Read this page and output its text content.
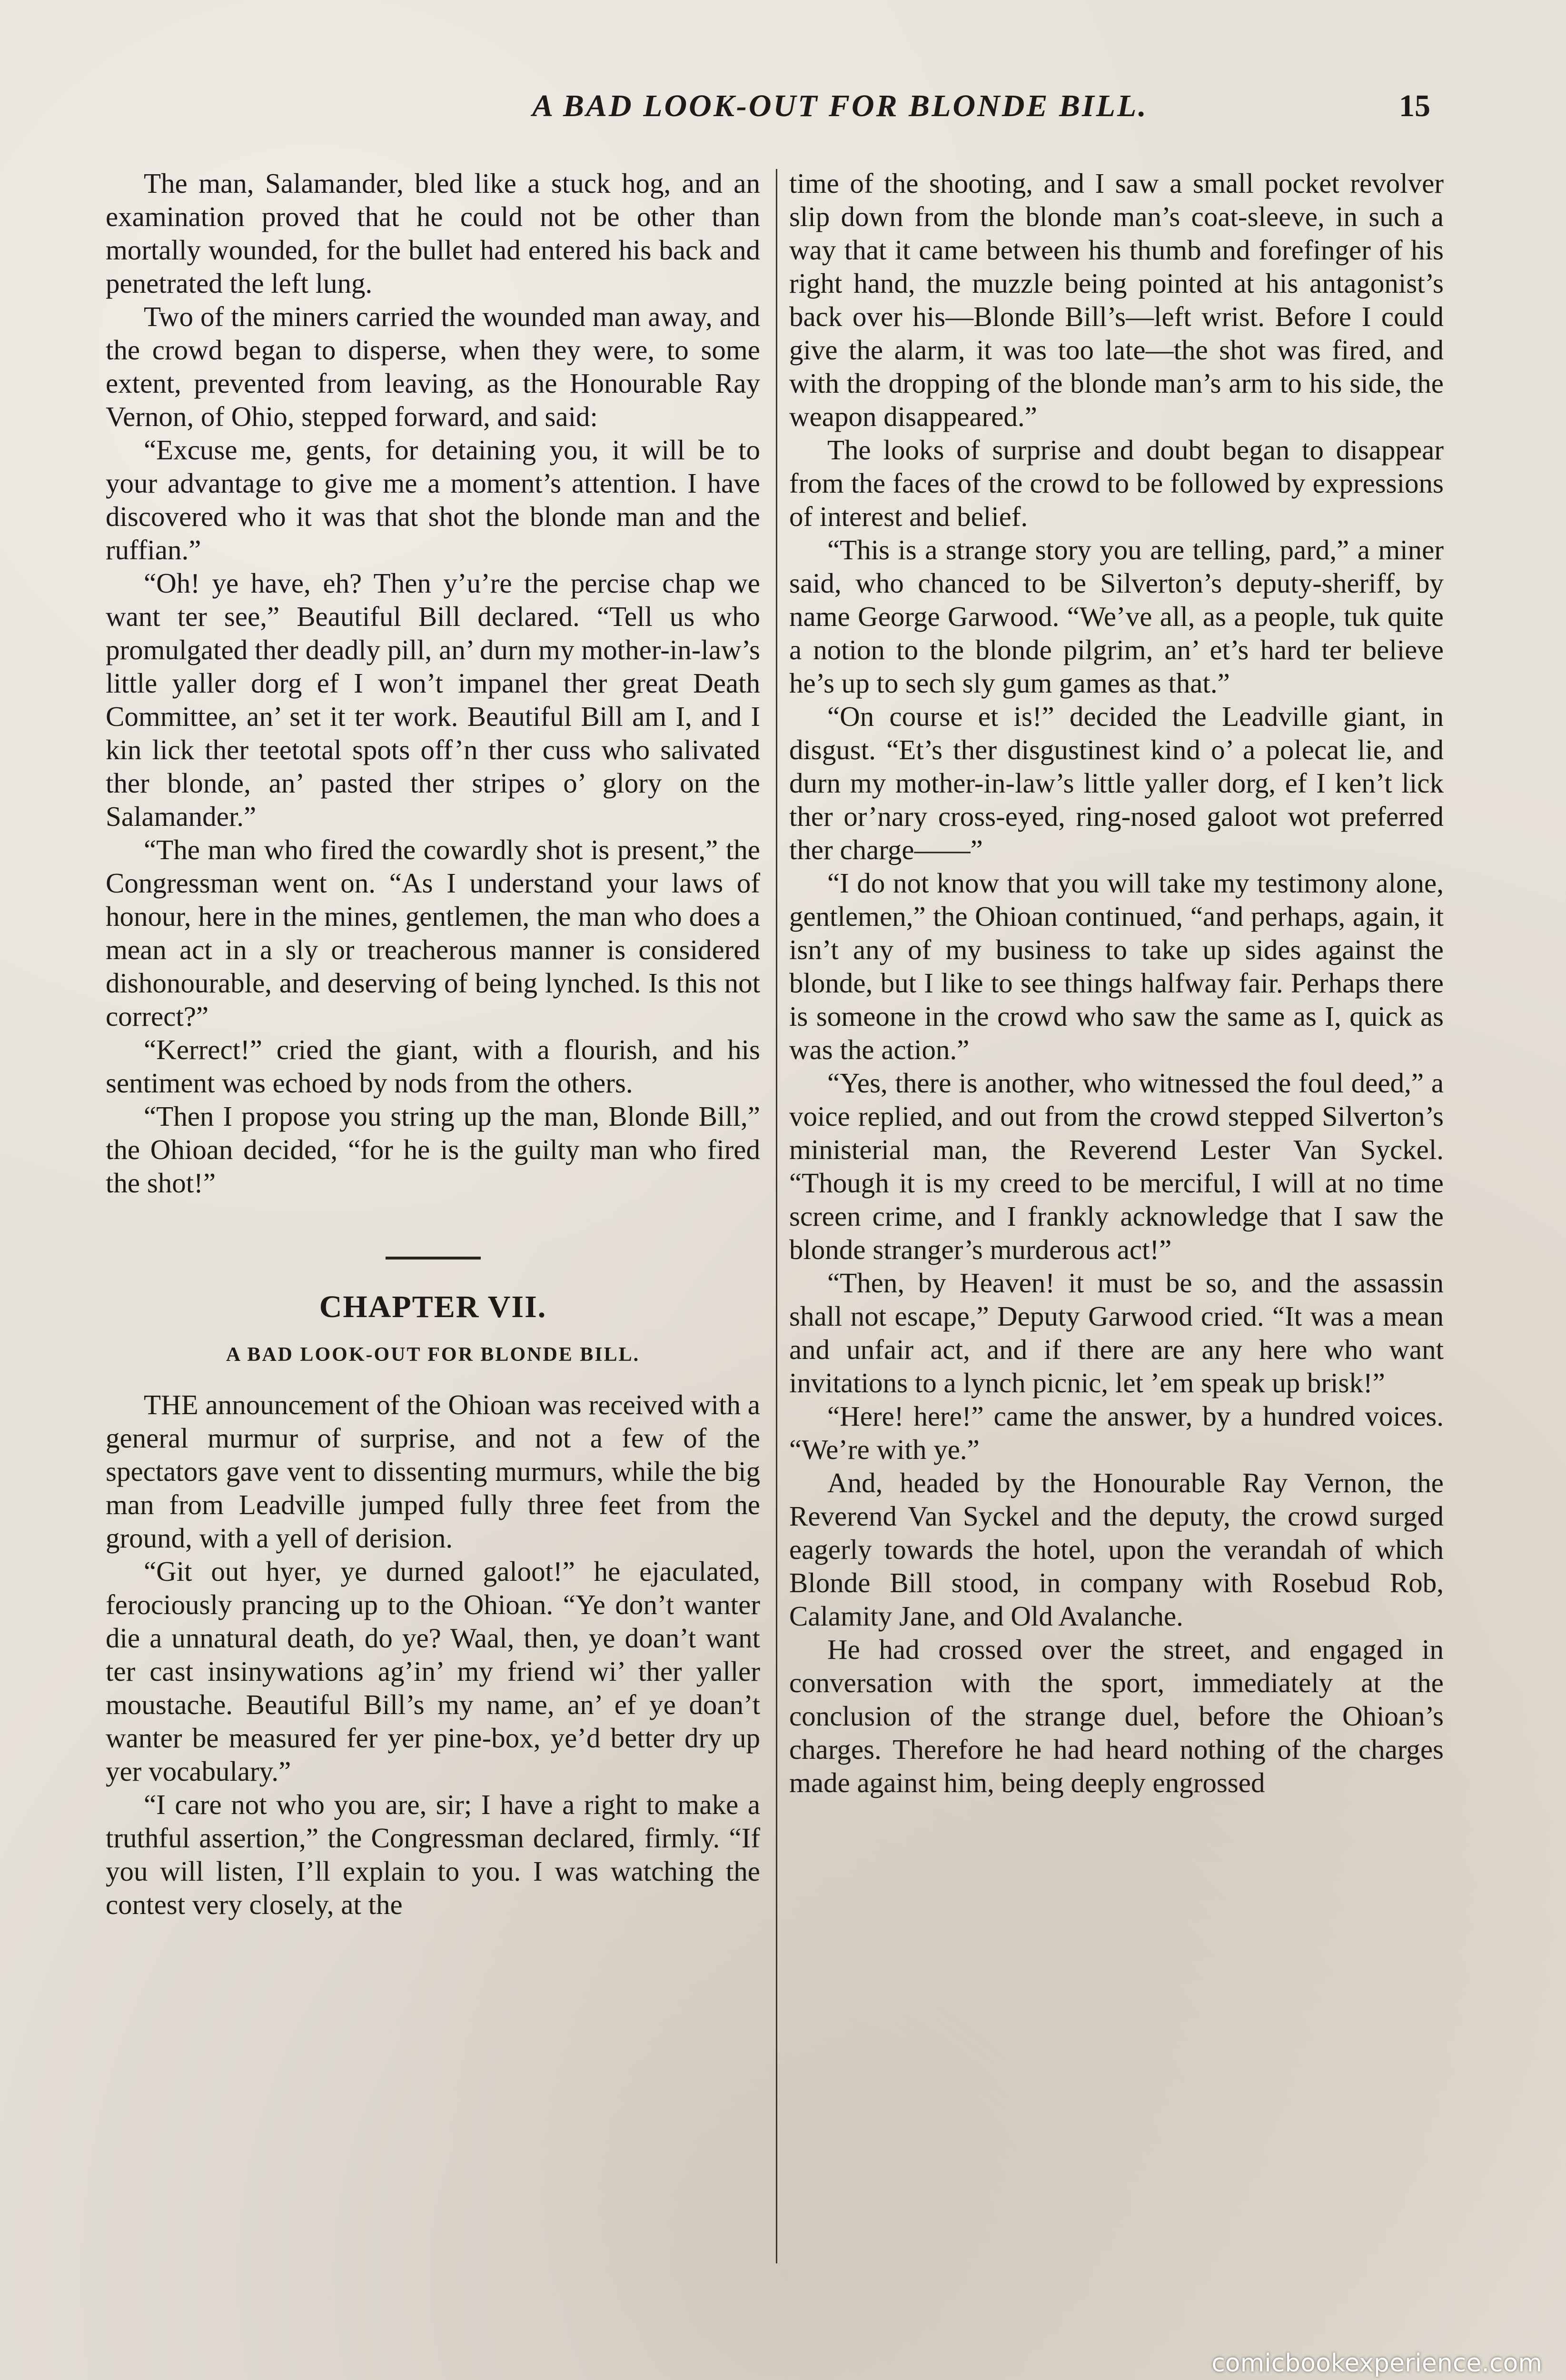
A BAD LOOK-OUT FOR BLONDE BILL.	15

The man, Salamander, bled like a stuck hog, and an examination proved that he could not be other than mortally wounded, for the bullet had entered his back and penetrated the left lung.

Two of the miners carried the wounded man away, and the crowd began to disperse, when they were, to some extent, prevented from leaving, as the Honourable Ray Vernon, of Ohio, stepped forward, and said:

“Excuse me, gents, for detaining you, it will be to your advantage to give me a moment’s attention. I have discovered who it was that shot the blonde man and the ruffian.”

“Oh! ye have, eh? Then y’u’re the percise chap we want ter see,” Beautiful Bill declared. “Tell us who promulgated ther deadly pill, an’ durn my mother-in-law’s little yaller dorg ef I won’t impanel ther great Death Committee, an’ set it ter work. Beautiful Bill am I, and I kin lick ther teetotal spots off’n ther cuss who salivated ther blonde, an’ pasted ther stripes o’ glory on the Salamander.”

“The man who fired the cowardly shot is present,” the Congressman went on. “As I understand your laws of honour, here in the mines, gentlemen, the man who does a mean act in a sly or treacherous manner is considered dishonourable, and deserving of being lynched. Is this not correct?”

“Kerrect!” cried the giant, with a flourish, and his sentiment was echoed by nods from the others.

“Then I propose you string up the man, Blonde Bill,” the Ohioan decided, “for he is the guilty man who fired the shot!”

CHAPTER VII.
A BAD LOOK-OUT FOR BLONDE BILL.

THE announcement of the Ohioan was received with a general murmur of surprise, and not a few of the spectators gave vent to dissenting murmurs, while the big man from Leadville jumped fully three feet from the ground, with a yell of derision.

“Git out hyer, ye durned galoot!” he ejaculated, ferociously prancing up to the Ohioan. “Ye don’t wanter die a unnatural death, do ye? Waal, then, ye doan’t want ter cast insinywations ag’in’ my friend wi’ ther yaller moustache. Beautiful Bill’s my name, an’ ef ye doan’t wanter be measured fer yer pine-box, ye’d better dry up yer vocabulary.”

“I care not who you are, sir; I have a right to make a truthful assertion,” the Congressman declared, firmly. “If you will listen, I’ll explain to you. I was watching the contest very closely, at the

time of the shooting, and I saw a small pocket revolver slip down from the blonde man’s coat-sleeve, in such a way that it came between his thumb and forefinger of his right hand, the muzzle being pointed at his antagonist’s back over his—Blonde Bill’s—left wrist. Before I could give the alarm, it was too late—the shot was fired, and with the dropping of the blonde man’s arm to his side, the weapon disappeared.”

The looks of surprise and doubt began to disappear from the faces of the crowd to be followed by expressions of interest and belief.

“This is a strange story you are telling, pard,” a miner said, who chanced to be Silverton’s deputy-sheriff, by name George Garwood. “We’ve all, as a people, tuk quite a notion to the blonde pilgrim, an’ et’s hard ter believe he’s up to sech sly gum games as that.”

“On course et is!” decided the Leadville giant, in disgust. “Et’s ther disgustinest kind o’ a polecat lie, and durn my mother-in-law’s little yaller dorg, ef I ken’t lick ther or’nary cross-eyed, ring-nosed galoot wot preferred ther charge——”

“I do not know that you will take my testimony alone, gentlemen,” the Ohioan continued, “and perhaps, again, it isn’t any of my business to take up sides against the blonde, but I like to see things halfway fair. Perhaps there is someone in the crowd who saw the same as I, quick as was the action.”

“Yes, there is another, who witnessed the foul deed,” a voice replied, and out from the crowd stepped Silverton’s ministerial man, the Reverend Lester Van Syckel. “Though it is my creed to be merciful, I will at no time screen crime, and I frankly acknowledge that I saw the blonde stranger’s murderous act!”

“Then, by Heaven! it must be so, and the assassin shall not escape,” Deputy Garwood cried. “It was a mean and unfair act, and if there are any here who want invitations to a lynch picnic, let ’em speak up brisk!”

“Here! here!” came the answer, by a hundred voices. “We’re with ye.”

And, headed by the Honourable Ray Vernon, the Reverend Van Syckel and the deputy, the crowd surged eagerly towards the hotel, upon the verandah of which Blonde Bill stood, in company with Rosebud Rob, Calamity Jane, and Old Avalanche.

He had crossed over the street, and engaged in conversation with the sport, immediately at the conclusion of the strange duel, before the Ohioan’s charges. Therefore he had heard nothing of the charges made against him, being deeply engrossed

comicbookexperience.com
